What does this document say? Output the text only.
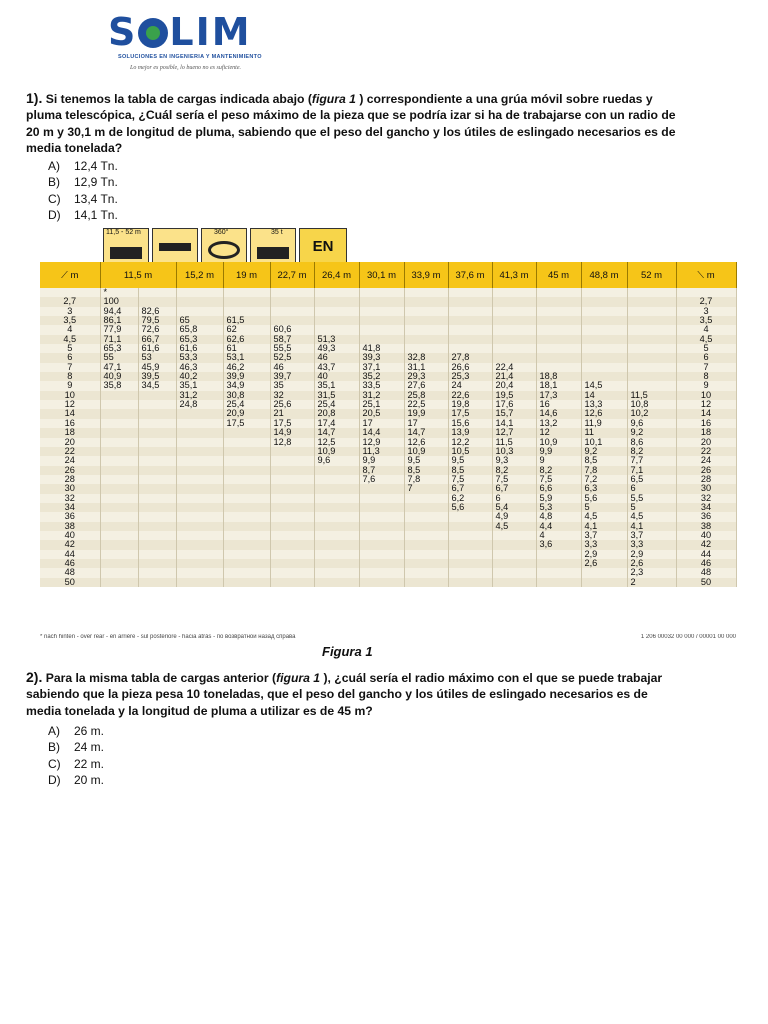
S LIM
SOLUCIONES EN INGENIERIA Y MANTENIMIENTO
Lo mejor es posible, lo bueno no es suficiente.
1). Si tenemos la tabla de cargas indicada abajo (figura 1 ) correspondiente a una grúa móvil sobre ruedas y pluma telescópica, ¿Cuál sería el peso máximo de la pieza que se podría izar si ha de trabajarse con un radio de 20 m y 30,1 m de longitud de pluma, sabiendo que el peso del gancho y los útiles de eslingado necesarios es de media tonelada?
A) 12,4 Tn.
B) 12,9 Tn.
C) 13,4 Tn.
D) 14,1 Tn.
11,5 - 52 m	360°	35 t
EN
⟋ m	11,5 m		15,2 m	19 m	22,7 m	26,4 m	30,1 m	33,9 m	37,6 m	41,3 m	45 m	48,8 m	52 m	⟍ m
	*													
2,7	100													2,7
3	94,4	82,6												3
3,5	86,1	79,5	65	61,5										3,5
4	77,9	72,6	65,8	62	60,6									4
4,5	71,1	66,7	65,3	62,6	58,7	51,3								4,5
5	65,3	61,6	61,6	61	55,5	49,3	41,8							5
6	55	53	53,3	53,1	52,5	46	39,3	32,8	27,8					6
7	47,1	45,9	46,3	46,2	46	43,7	37,1	31,1	26,6	22,4				7
8	40,9	39,5	40,2	39,9	39,7	40	35,2	29,3	25,3	21,4	18,8			8
9	35,8	34,5	35,1	34,9	35	35,1	33,5	27,6	24	20,4	18,1	14,5		9
10			31,2	30,8	32	31,5	31,2	25,8	22,6	19,5	17,3	14	11,5	10
12			24,8	25,4	25,6	25,4	25,1	22,5	19,8	17,6	16	13,3	10,8	12
14				20,9	21	20,8	20,5	19,9	17,5	15,7	14,6	12,6	10,2	14
16				17,5	17,5	17,4	17	17	15,6	14,1	13,2	11,9	9,6	16
18					14,9	14,7	14,4	14,7	13,9	12,7	12	11	9,2	18
20					12,8	12,5	12,9	12,6	12,2	11,5	10,9	10,1	8,6	20
22						10,9	11,3	10,9	10,5	10,3	9,9	9,2	8,2	22
24						9,6	9,9	9,5	9,5	9,3	9	8,5	7,7	24
26							8,7	8,5	8,5	8,2	8,2	7,8	7,1	26
28							7,6	7,8	7,5	7,5	7,5	7,2	6,5	28
30								7	6,7	6,7	6,6	6,3	6	30
32									6,2	6	5,9	5,6	5,5	32
34									5,6	5,4	5,3	5	5	34
36										4,9	4,8	4,5	4,5	36
38										4,5	4,4	4,1	4,1	38
40											4	3,7	3,7	40
42											3,6	3,3	3,3	42
44												2,9	2,9	44
46												2,6	2,6	46
48													2,3	48
50													2	50
* nach hinten - over rear - en arrière - sul posteriore - hacia atrás - по возвратной назад справа	1 206 00032 00 000 / 00001 00 000
Figura 1
2). Para la misma tabla de cargas anterior (figura 1 ), ¿cuál sería el radio máximo con el que se puede trabajar sabiendo que la pieza pesa 10 toneladas, que el peso del gancho y los útiles de eslingado necesarios es de media tonelada y la longitud de pluma a utilizar es de 45 m?
A) 26 m.
B) 24 m.
C) 22 m.
D) 20 m.
